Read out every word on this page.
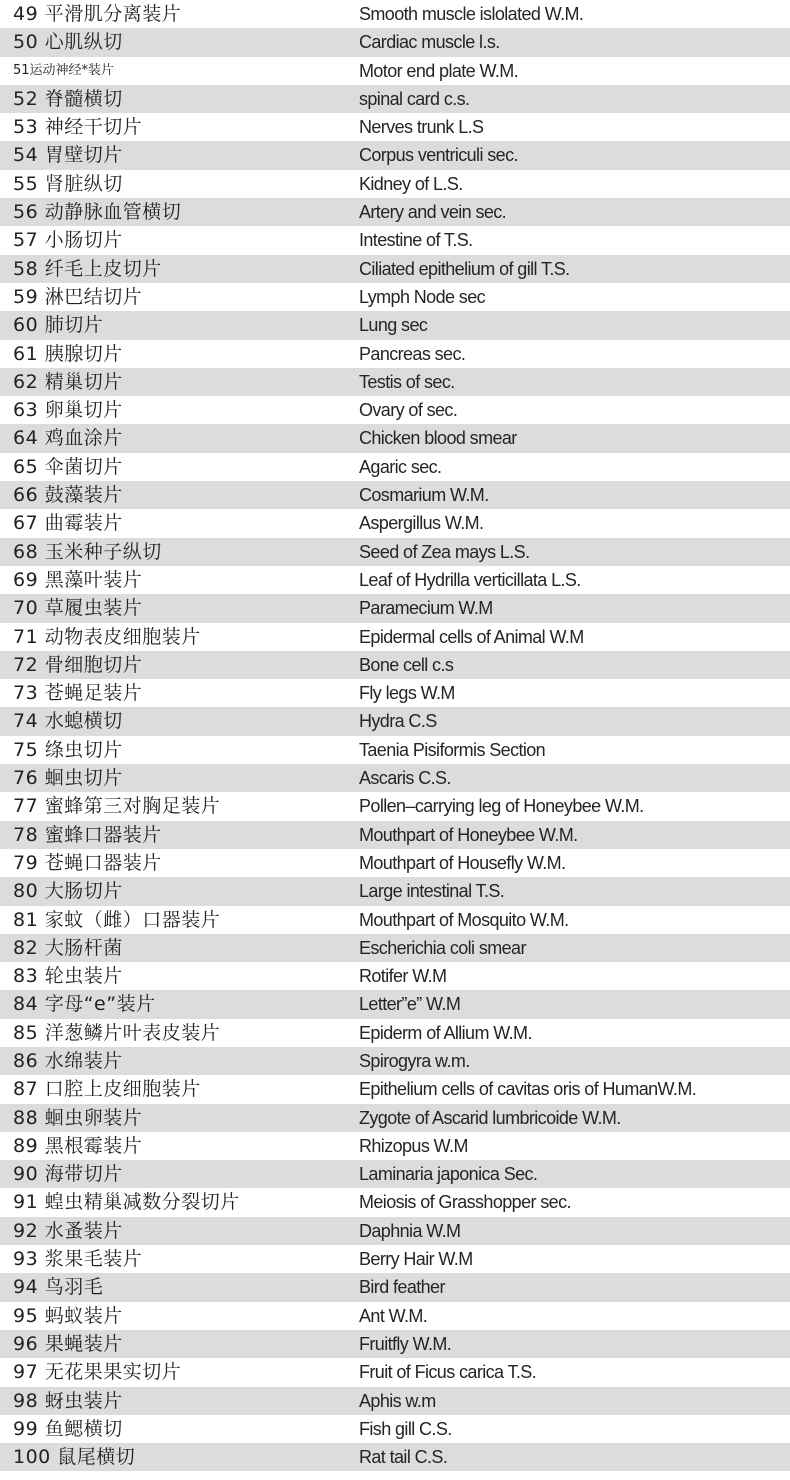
49 平滑肌分离装片	Smooth muscle islolated W.M.
50 心肌纵切	Cardiac muscle l.s.
51运动神经*装片	Motor end plate W.M.
52 脊髓横切	spinal card c.s.
53 神经干切片	Nerves trunk L.S
54 胃壁切片	Corpus ventriculi sec.
55 肾脏纵切	Kidney of L.S.
56 动静脉血管横切	Artery and vein sec.
57 小肠切片	Intestine of T.S.
58 纤毛上皮切片	Ciliated epithelium of gill T.S.
59 淋巴结切片	Lymph Node sec
60 肺切片	Lung sec
61 胰腺切片	Pancreas sec.
62 精巢切片	Testis of sec.
63 卵巢切片	Ovary of sec.
64 鸡血涂片	Chicken blood smear
65 伞菌切片	Agaric sec.
66 鼓藻装片	Cosmarium W.M.
67 曲霉装片	Aspergillus W.M.
68 玉米种子纵切	Seed of Zea mays L.S.
69 黑藻叶装片	Leaf of Hydrilla verticillata L.S.
70 草履虫装片	Paramecium W.M
71 动物表皮细胞装片	Epidermal cells of Animal W.M
72 骨细胞切片	Bone cell c.s
73 苍蝇足装片	Fly legs W.M
74 水螅横切	Hydra C.S
75 绦虫切片	Taenia Pisiformis Section
76 蛔虫切片	Ascaris C.S.
77 蜜蜂第三对胸足装片	Pollen–carrying leg of Honeybee W.M.
78 蜜蜂口器装片	Mouthpart of Honeybee W.M.
79 苍蝇口器装片	Mouthpart of Housefly W.M.
80 大肠切片	Large intestinal T.S.
81 家蚊（雌）口器装片	Mouthpart of Mosquito W.M.
82 大肠杆菌	Escherichia coli smear
83 轮虫装片	Rotifer W.M
84 字母“e”装片	Letter”e” W.M
85 洋葱鳞片叶表皮装片	Epiderm of Allium W.M.
86 水绵装片	Spirogyra w.m.
87 口腔上皮细胞装片	Epithelium cells of cavitas oris of HumanW.M.
88 蛔虫卵装片	Zygote of Ascarid lumbricoide W.M.
89 黑根霉装片	Rhizopus W.M
90 海带切片	Laminaria japonica Sec.
91 蝗虫精巢减数分裂切片	Meiosis of Grasshopper sec.
92 水蚤装片	Daphnia W.M
93 浆果毛装片	Berry Hair W.M
94 鸟羽毛	Bird feather
95 蚂蚁装片	Ant W.M.
96 果蝇装片	Fruitfly W.M.
97 无花果果实切片	Fruit of Ficus carica T.S.
98 蚜虫装片	Aphis w.m
99 鱼鳃横切	Fish gill C.S.
100 鼠尾横切	Rat tail C.S.
